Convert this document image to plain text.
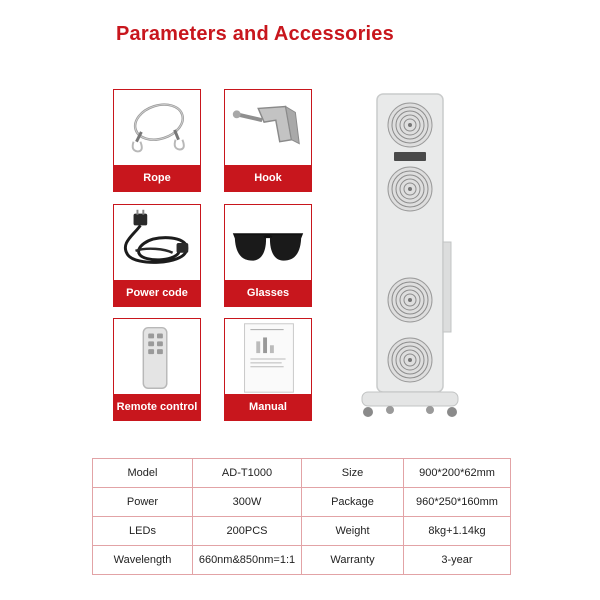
Parameters and Accessories
Rope	Hook
Power code	Glasses
Remote control	Manual
Model	AD-T1000	Size	900*200*62mm
Power	300W	Package	960*250*160mm
LEDs	200PCS	Weight	8kg+1.14kg
Wavelength	660nm&850nm=1:1	Warranty	3-year
